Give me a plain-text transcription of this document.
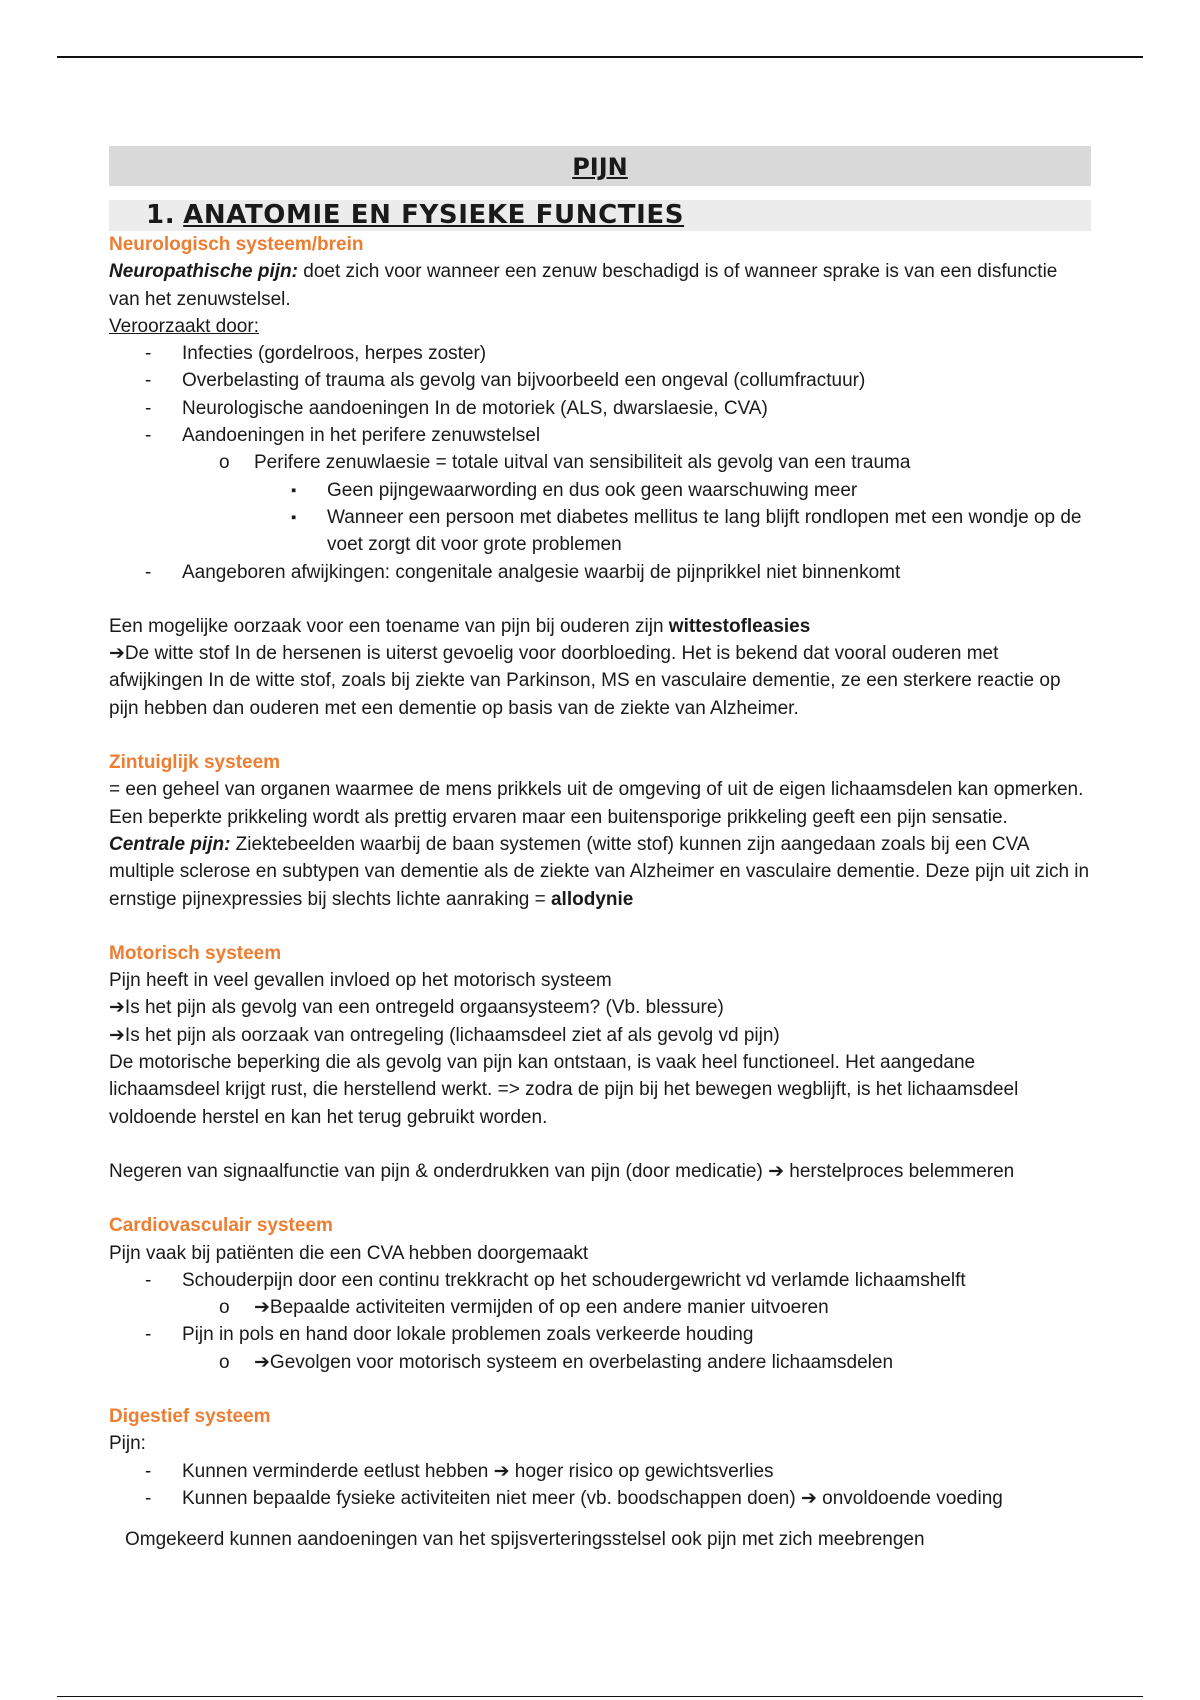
PIJN
1. ANATOMIE EN FYSIEKE FUNCTIES

Neurologisch systeem/brein

Neuropathische pijn: doet zich voor wanneer een zenuw beschadigd is of wanneer sprake is van een disfunctie van het zenuwstelsel.

Veroorzaakt door:

- Infecties (gordelroos, herpes zoster)

- Overbelasting of trauma als gevolg van bijvoorbeeld een ongeval (collumfractuur)

- Neurologische aandoeningen In de motoriek (ALS, dwarslaesie, CVA)

- Aandoeningen in het perifere zenuwstelsel

o Perifere zenuwlaesie = totale uitval van sensibiliteit als gevolg van een trauma

▪ Geen pijngewaarwording en dus ook geen waarschuwing meer

▪ Wanneer een persoon met diabetes mellitus te lang blijft rondlopen met een wondje op de voet zorgt dit voor grote problemen

- Aangeboren afwijkingen: congenitale analgesie waarbij de pijnprikkel niet binnenkomt

Een mogelijke oorzaak voor een toename van pijn bij ouderen zijn wittestofleasies

➔De witte stof In de hersenen is uiterst gevoelig voor doorbloeding. Het is bekend dat vooral ouderen met afwijkingen In de witte stof, zoals bij ziekte van Parkinson, MS en vasculaire dementie, ze een sterkere reactie op pijn hebben dan ouderen met een dementie op basis van de ziekte van Alzheimer.

Zintuiglijk systeem

= een geheel van organen waarmee de mens prikkels uit de omgeving of uit de eigen lichaamsdelen kan opmerken.

Een beperkte prikkeling wordt als prettig ervaren maar een buitensporige prikkeling geeft een pijn sensatie.

Centrale pijn: Ziektebeelden waarbij de baan systemen (witte stof) kunnen zijn aangedaan zoals bij een CVA multiple sclerose en subtypen van dementie als de ziekte van Alzheimer en vasculaire dementie. Deze pijn uit zich in ernstige pijnexpressies bij slechts lichte aanraking = allodynie

Motorisch systeem

Pijn heeft in veel gevallen invloed op het motorisch systeem

➔Is het pijn als gevolg van een ontregeld orgaansysteem? (Vb. blessure)

➔Is het pijn als oorzaak van ontregeling (lichaamsdeel ziet af als gevolg vd pijn)

De motorische beperking die als gevolg van pijn kan ontstaan, is vaak heel functioneel. Het aangedane lichaamsdeel krijgt rust, die herstellend werkt. => zodra de pijn bij het bewegen wegblijft, is het lichaamsdeel voldoende herstel en kan het terug gebruikt worden.

Negeren van signaalfunctie van pijn & onderdrukken van pijn (door medicatie) ➔ herstelproces belemmeren

Cardiovasculair systeem

Pijn vaak bij patiënten die een CVA hebben doorgemaakt

- Schouderpijn door een continu trekkracht op het schoudergewricht vd verlamde lichaamshelft

o ➔Bepaalde activiteiten vermijden of op een andere manier uitvoeren

- Pijn in pols en hand door lokale problemen zoals verkeerde houding

o ➔Gevolgen voor motorisch systeem en overbelasting andere lichaamsdelen

Digestief systeem

Pijn:

- Kunnen verminderde eetlust hebben ➔ hoger risico op gewichtsverlies

- Kunnen bepaalde fysieke activiteiten niet meer (vb. boodschappen doen) ➔ onvoldoende voeding

Omgekeerd kunnen aandoeningen van het spijsverteringsstelsel ook pijn met zich meebrengen
